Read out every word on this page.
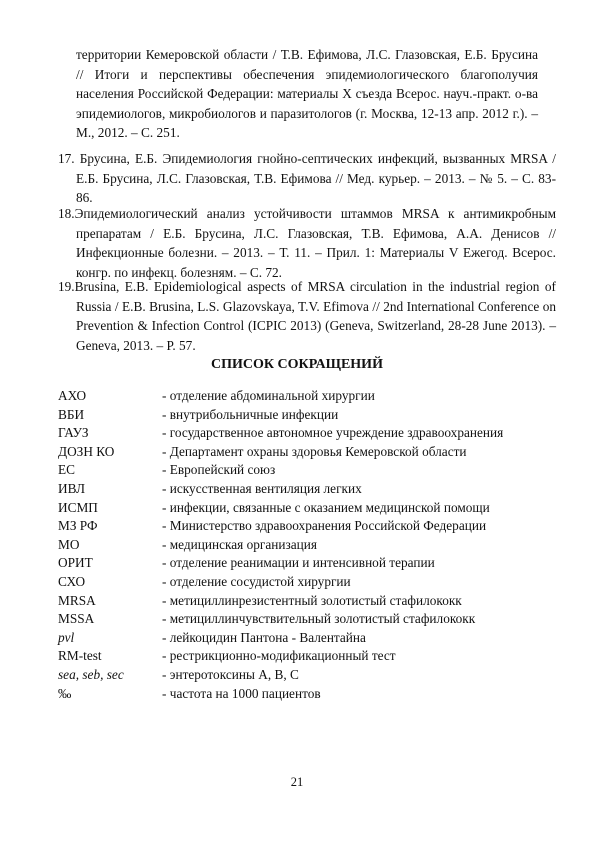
территории Кемеровской области / Т.В. Ефимова, Л.С. Глазовская, Е.Б. Брусина // Итоги и перспективы обеспечения эпидемиологического благополучия населения Российской Федерации: материалы X съезда Всерос. науч.-практ. о-ва эпидемиологов, микробиологов и паразитологов (г. Москва, 12-13 апр. 2012 г.). – М., 2012. – С. 251.
17. Брусина, Е.Б. Эпидемиология гнойно-септических инфекций, вызванных MRSA / Е.Б. Брусина, Л.С. Глазовская, Т.В. Ефимова // Мед. курьер. – 2013. – № 5. – С. 83-86.
18.Эпидемиологический анализ устойчивости штаммов MRSA к антимикробным препаратам / Е.Б. Брусина, Л.С. Глазовская, Т.В. Ефимова, А.А. Денисов // Инфекционные болезни. – 2013. – Т. 11. – Прил. 1: Материалы V Ежегод. Всерос. конгр. по инфекц. болезням. – С. 72.
19.Brusina, E.B. Epidemiological aspects of MRSA circulation in the industrial region of Russia / E.B. Brusina, L.S. Glazovskaya, T.V. Efimova // 2nd International Conference on Prevention & Infection Control (ICPIC 2013) (Geneva, Switzerland, 28-28 June 2013). – Geneva, 2013. – P. 57.
СПИСОК СОКРАЩЕНИЙ
АХО	- отделение абдоминальной хирургии
ВБИ	- внутрибольничные инфекции
ГАУЗ	- государственное автономное учреждение здравоохранения
ДОЗН КО	- Департамент охраны здоровья Кемеровской области
ЕС	- Европейский союз
ИВЛ	- искусственная вентиляция легких
ИСМП	- инфекции, связанные с оказанием медицинской помощи
МЗ РФ	- Министерство здравоохранения Российской Федерации
МО	- медицинская организация
ОРИТ	- отделение реанимации и интенсивной терапии
СХО	- отделение сосудистой хирургии
MRSA	- метициллинрезистентный золотистый стафилококк
MSSA	- метициллинчувствительный золотистый стафилококк
pvl	- лейкоцидин Пантона - Валентайна
RM-test	- рестрикционно-модификационный тест
sea, seb, sec	- энтеротоксины А, В, С
‰	- частота на 1000 пациентов
21
